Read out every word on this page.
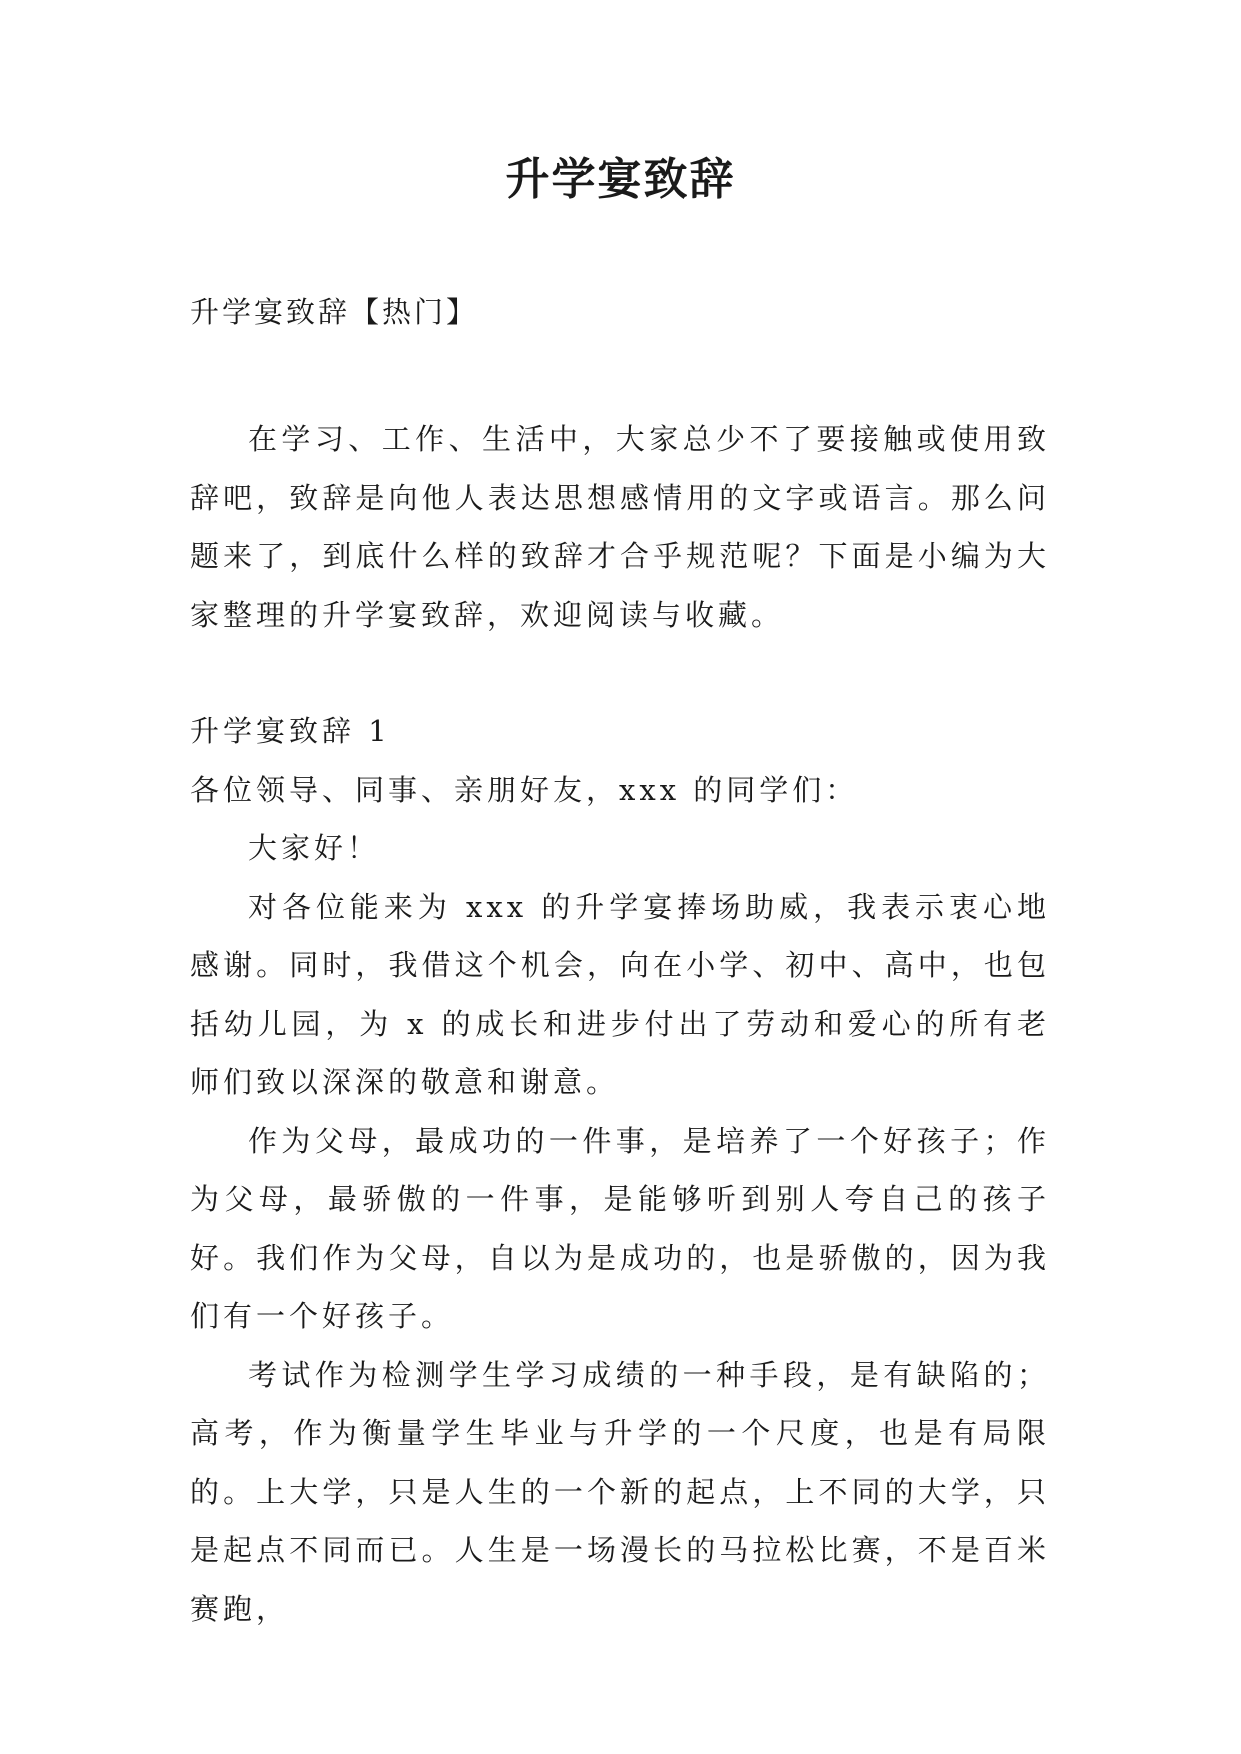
升学宴致辞
升学宴致辞【热门】

在学习、工作、生活中，大家总少不了要接触或使用致辞吧，致辞是向他人表达思想感情用的文字或语言。那么问题来了，到底什么样的致辞才合乎规范呢？下面是小编为大家整理的升学宴致辞，欢迎阅读与收藏。

升学宴致辞 1

各位领导、同事、亲朋好友，xxx 的同学们：

大家好！

对各位能来为 xxx 的升学宴捧场助威，我表示衷心地感谢。同时，我借这个机会，向在小学、初中、高中，也包括幼儿园，为 x 的成长和进步付出了劳动和爱心的所有老师们致以深深的敬意和谢意。

作为父母，最成功的一件事，是培养了一个好孩子；作为父母，最骄傲的一件事，是能够听到别人夸自己的孩子好。我们作为父母，自以为是成功的，也是骄傲的，因为我们有一个好孩子。

考试作为检测学生学习成绩的一种手段，是有缺陷的；高考，作为衡量学生毕业与升学的一个尺度，也是有局限的。上大学，只是人生的一个新的起点，上不同的大学，只是起点不同而已。人生是一场漫长的马拉松比赛，不是百米赛跑，
